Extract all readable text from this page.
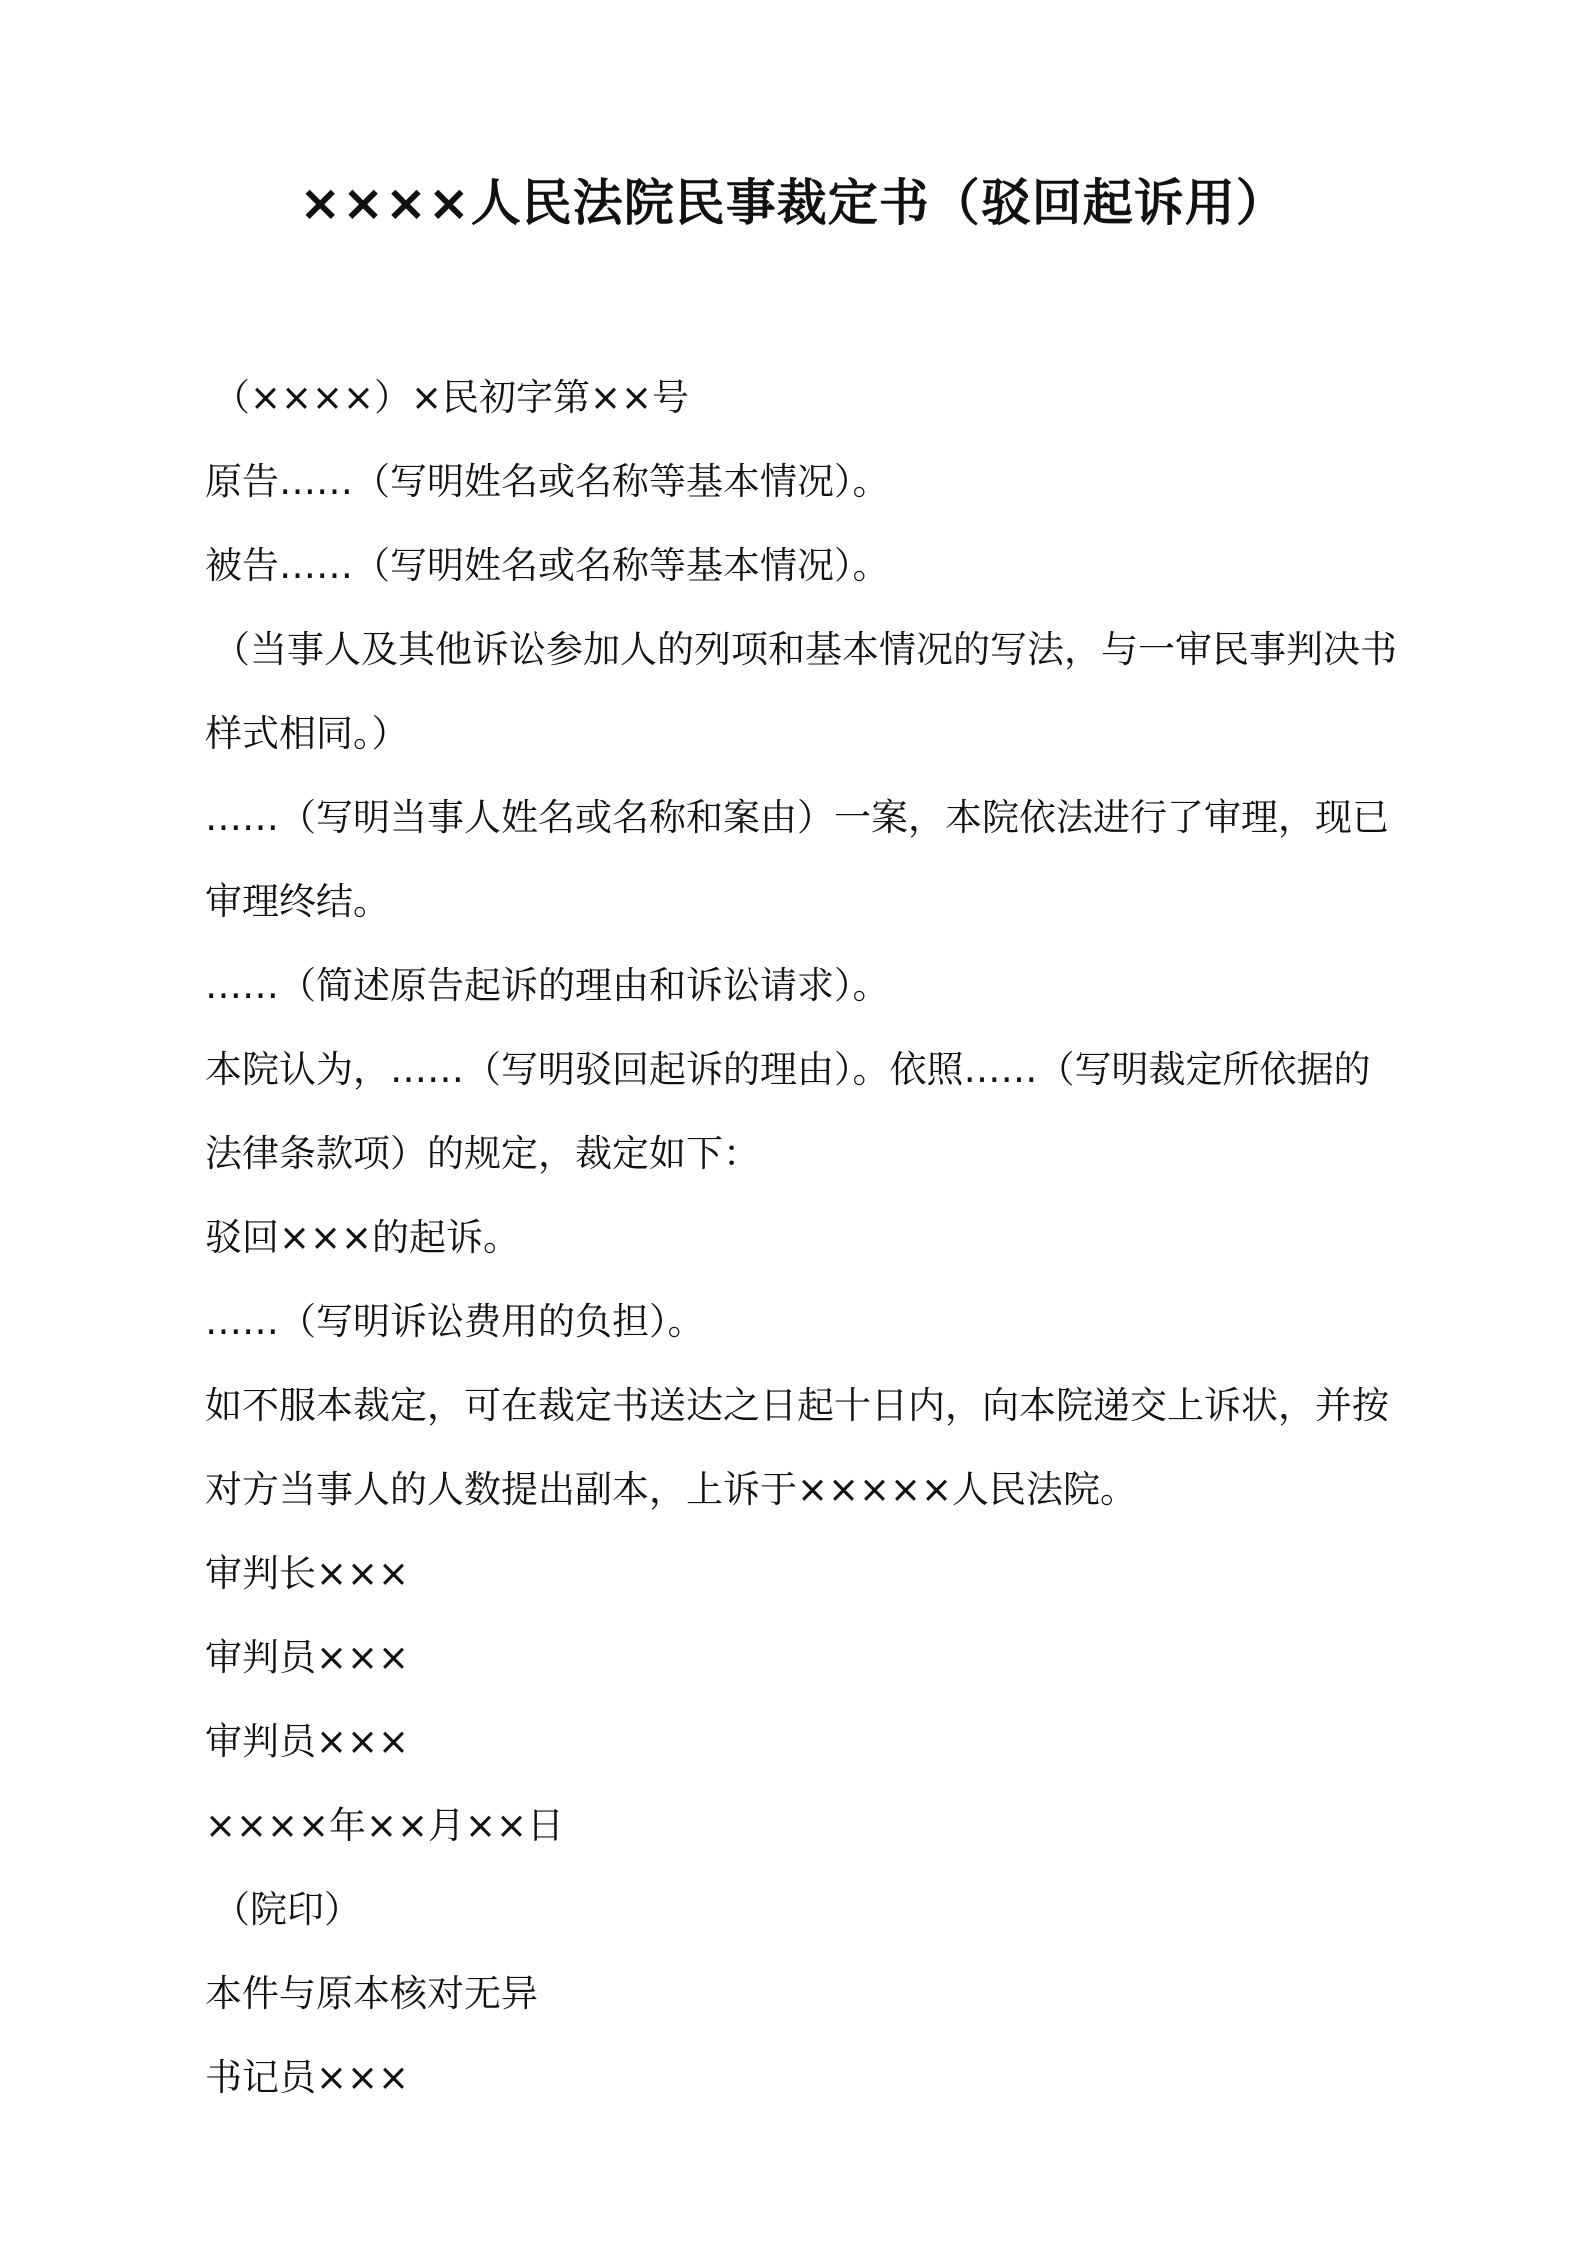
××××人民法院民事裁定书（驳回起诉用）
（××××）×民初字第××号
原告……（写明姓名或名称等基本情况）。
被告……（写明姓名或名称等基本情况）。
（当事人及其他诉讼参加人的列项和基本情况的写法，与一审民事判决书
样式相同。）
……（写明当事人姓名或名称和案由）一案，本院依法进行了审理，现已
审理终结。
……（简述原告起诉的理由和诉讼请求）。
本院认为，……（写明驳回起诉的理由）。依照……（写明裁定所依据的
法律条款项）的规定，裁定如下：
驳回×××的起诉。
……（写明诉讼费用的负担）。
如不服本裁定，可在裁定书送达之日起十日内，向本院递交上诉状，并按
对方当事人的人数提出副本，上诉于×××××人民法院。
审判长×××
审判员×××
审判员×××
××××年××月××日
（院印）
本件与原本核对无异
书记员×××
